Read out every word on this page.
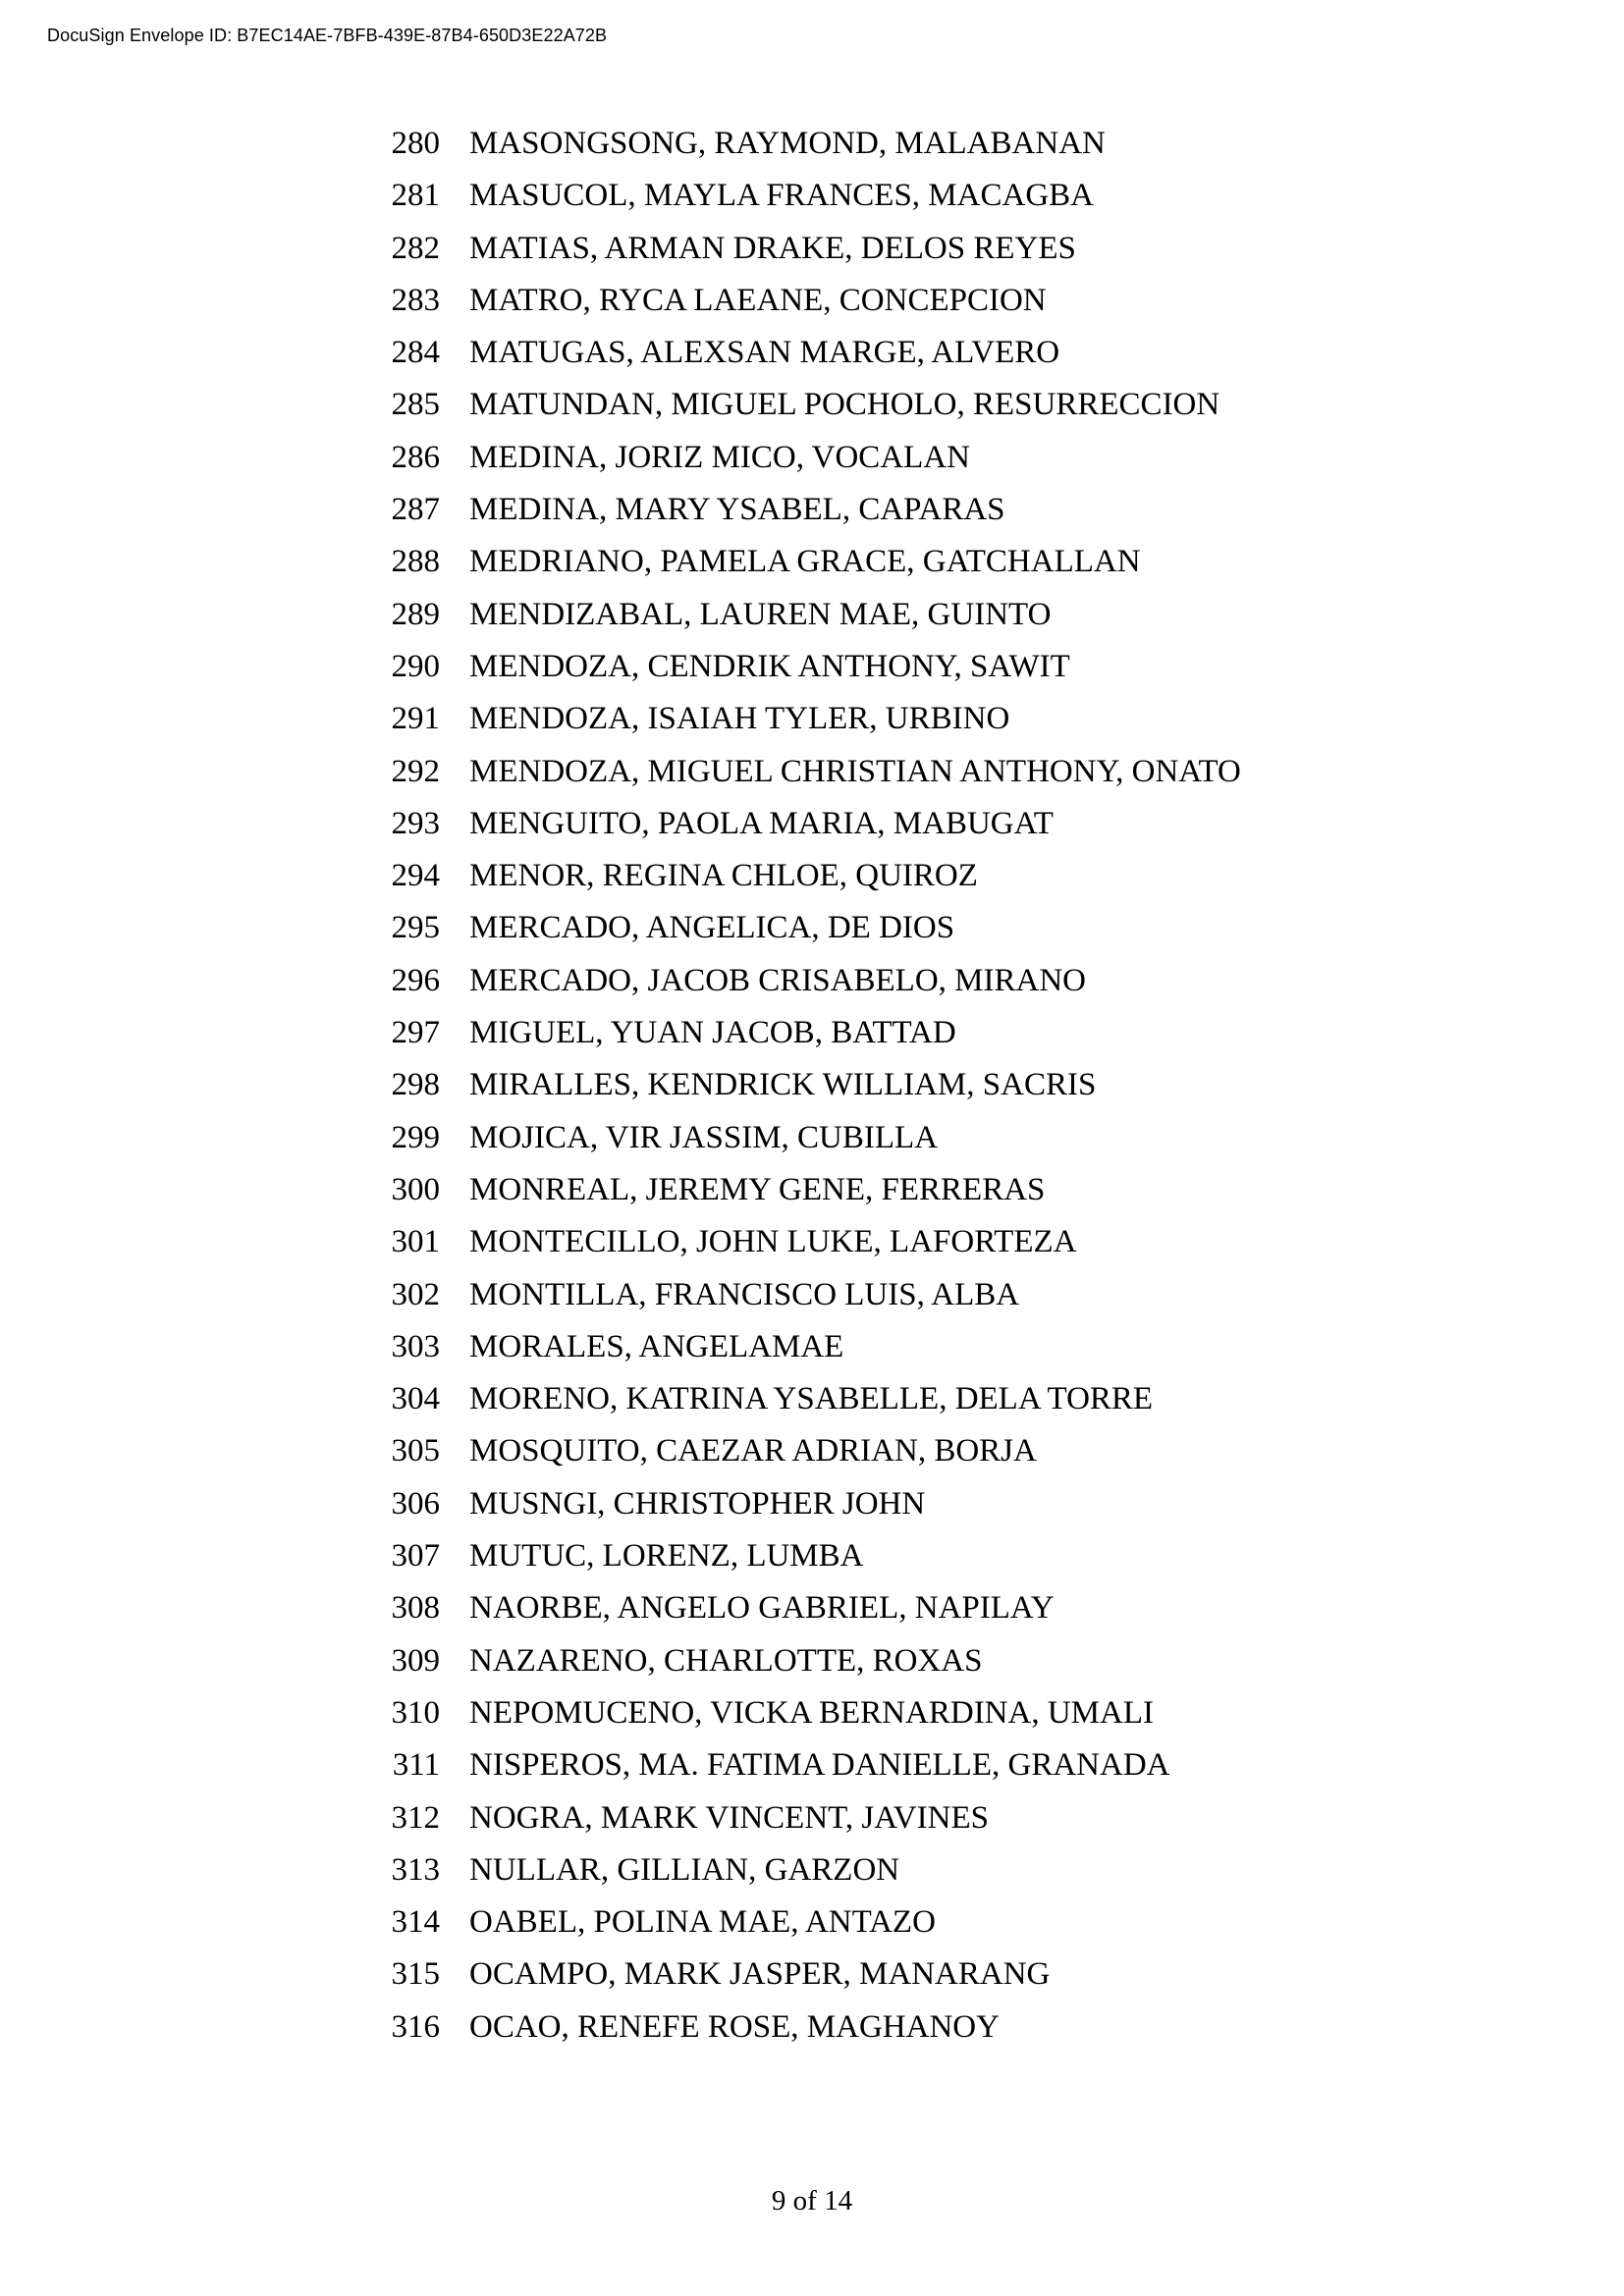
DocuSign Envelope ID: B7EC14AE-7BFB-439E-87B4-650D3E22A72B
280 MASONGSONG, RAYMOND, MALABANAN
281 MASUCOL, MAYLA FRANCES, MACAGBA
282 MATIAS, ARMAN DRAKE, DELOS REYES
283 MATRO, RYCA LAEANE, CONCEPCION
284 MATUGAS, ALEXSAN MARGE, ALVERO
285 MATUNDAN, MIGUEL POCHOLO, RESURRECCION
286 MEDINA, JORIZ MICO, VOCALAN
287 MEDINA, MARY YSABEL, CAPARAS
288 MEDRIANO, PAMELA GRACE, GATCHALLAN
289 MENDIZABAL, LAUREN MAE, GUINTO
290 MENDOZA, CENDRIK ANTHONY, SAWIT
291 MENDOZA, ISAIAH TYLER, URBINO
292 MENDOZA, MIGUEL CHRISTIAN ANTHONY, ONATO
293 MENGUITO, PAOLA MARIA, MABUGAT
294 MENOR, REGINA CHLOE, QUIROZ
295 MERCADO, ANGELICA, DE DIOS
296 MERCADO, JACOB CRISABELO, MIRANO
297 MIGUEL, YUAN JACOB, BATTAD
298 MIRALLES, KENDRICK WILLIAM, SACRIS
299 MOJICA, VIR JASSIM, CUBILLA
300 MONREAL, JEREMY GENE, FERRERAS
301 MONTECILLO, JOHN LUKE, LAFORTEZA
302 MONTILLA, FRANCISCO LUIS, ALBA
303 MORALES, ANGELAMAE
304 MORENO, KATRINA YSABELLE, DELA TORRE
305 MOSQUITO, CAEZAR ADRIAN, BORJA
306 MUSNGI, CHRISTOPHER JOHN
307 MUTUC, LORENZ, LUMBA
308 NAORBE, ANGELO GABRIEL, NAPILAY
309 NAZARENO, CHARLOTTE, ROXAS
310 NEPOMUCENO, VICKA BERNARDINA, UMALI
311 NISPEROS, MA. FATIMA DANIELLE, GRANADA
312 NOGRA, MARK VINCENT, JAVINES
313 NULLAR, GILLIAN, GARZON
314 OABEL, POLINA MAE, ANTAZO
315 OCAMPO, MARK JASPER, MANARANG
316 OCAO, RENEFE ROSE, MAGHANOY
9 of 14
